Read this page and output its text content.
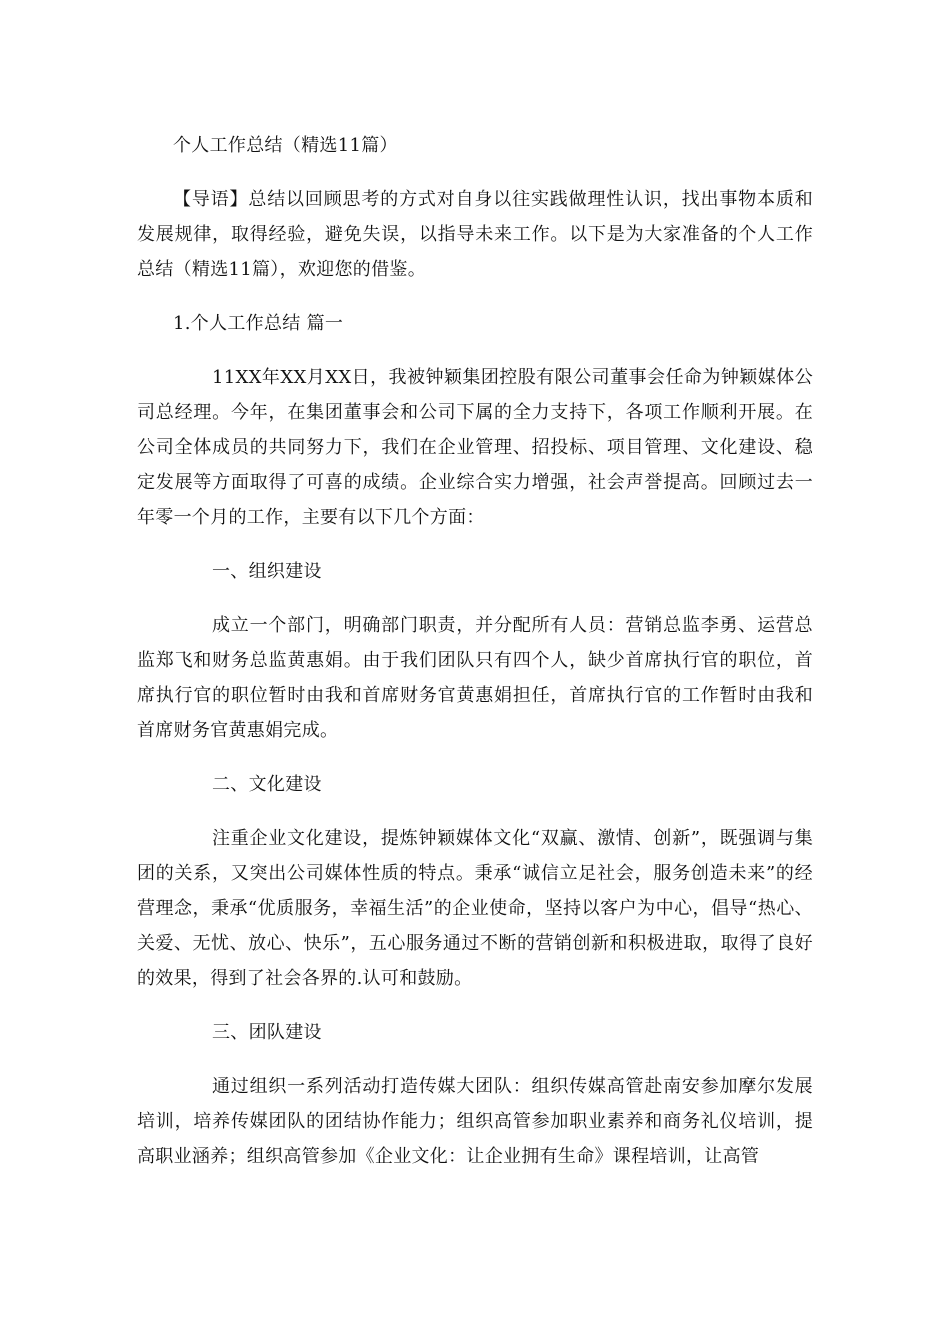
个人工作总结（精选11篇）

【导语】总结以回顾思考的方式对自身以往实践做理性认识，找出事物本质和发展规律，取得经验，避免失误，以指导未来工作。以下是为大家准备的个人工作总结（精选11篇），欢迎您的借鉴。

1.个人工作总结 篇一

11XX年XX月XX日，我被钟颖集团控股有限公司董事会任命为钟颖媒体公司总经理。今年，在集团董事会和公司下属的全力支持下，各项工作顺利开展。在公司全体成员的共同努力下，我们在企业管理、招投标、项目管理、文化建设、稳定发展等方面取得了可喜的成绩。企业综合实力增强，社会声誉提高。回顾过去一年零一个月的工作，主要有以下几个方面：

一、组织建设

成立一个部门，明确部门职责，并分配所有人员：营销总监李勇、运营总监郑飞和财务总监黄惠娟。由于我们团队只有四个人，缺少首席执行官的职位，首席执行官的职位暂时由我和首席财务官黄惠娟担任，首席执行官的工作暂时由我和首席财务官黄惠娟完成。

二、文化建设

注重企业文化建设，提炼钟颖媒体文化“双赢、激情、创新”，既强调与集团的关系，又突出公司媒体性质的特点。秉承“诚信立足社会，服务创造未来”的经营理念，秉承“优质服务，幸福生活”的企业使命，坚持以客户为中心，倡导“热心、关爱、无忧、放心、快乐”，五心服务通过不断的营销创新和积极进取，取得了良好的效果，得到了社会各界的.认可和鼓励。

三、团队建设

通过组织一系列活动打造传媒大团队：组织传媒高管赴南安参加摩尔发展培训，培养传媒团队的团结协作能力；组织高管参加职业素养和商务礼仪培训，提高职业涵养；组织高管参加《企业文化：让企业拥有生命》课程培训，让高管
